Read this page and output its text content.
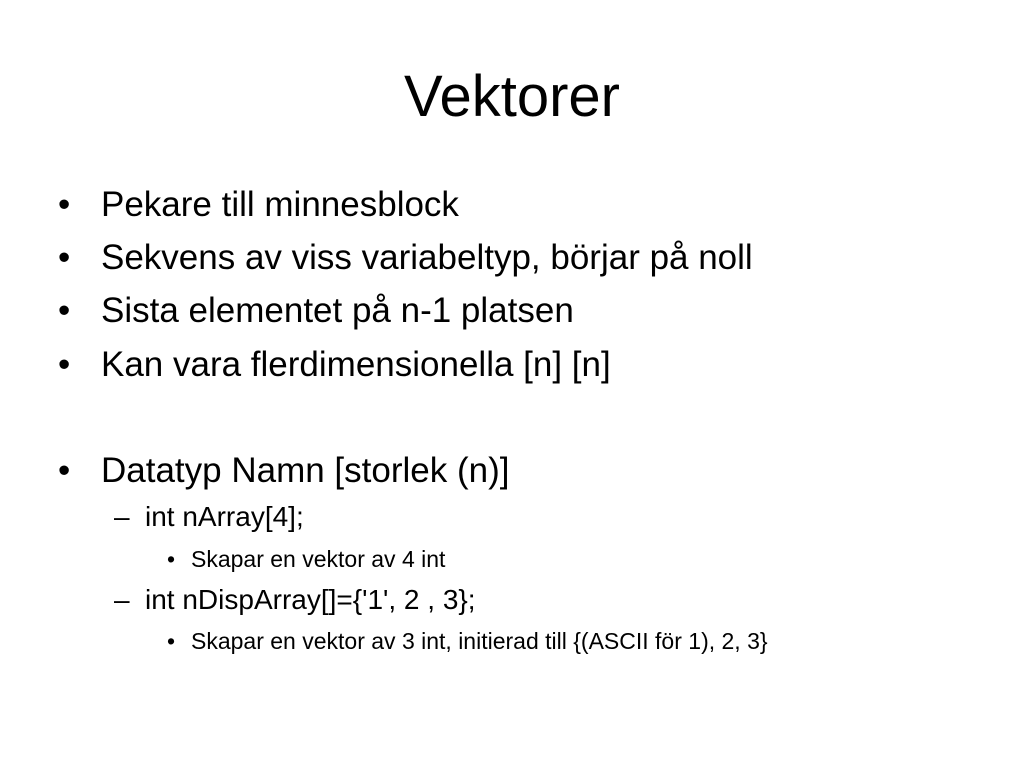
Vektorer
• Pekare till minnesblock
• Sekvens av viss variabeltyp, börjar på noll
• Sista elementet på n-1 platsen
• Kan vara flerdimensionella [n] [n]
• Datatyp Namn [storlek (n)]
– int nArray[4];
• Skapar en vektor av 4 int
– int nDispArray[]={'1', 2 , 3};
• Skapar en vektor av 3 int, initierad till {(ASCII för 1), 2, 3}
